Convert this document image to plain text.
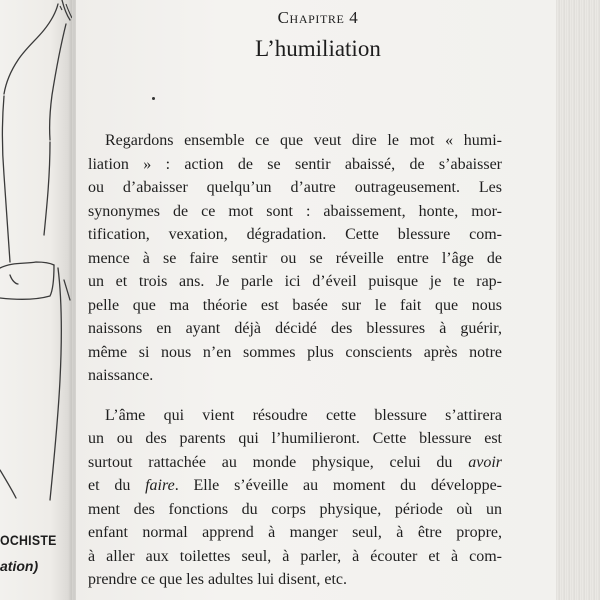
OCHISTE
ation)
Chapitre 4
L’humiliation

Regardons ensemble ce que veut dire le mot « humi-

liation » : action de se sentir abaissé, de s’abaisser

ou d’abaisser quelqu’un d’autre outrageusement. Les

synonymes de ce mot sont : abaissement, honte, mor-

tification, vexation, dégradation. Cette blessure com-

mence à se faire sentir ou se réveille entre l’âge de

un et trois ans. Je parle ici d’éveil puisque je te rap-

pelle que ma théorie est basée sur le fait que nous

naissons en ayant déjà décidé des blessures à guérir,

même si nous n’en sommes plus conscients après notre

naissance.

L’âme qui vient résoudre cette blessure s’attirera

un ou des parents qui l’humilieront. Cette blessure est

surtout rattachée au monde physique, celui du avoir

et du faire. Elle s’éveille au moment du développe-

ment des fonctions du corps physique, période où un

enfant normal apprend à manger seul, à être propre,

à aller aux toilettes seul, à parler, à écouter et à com-

prendre ce que les adultes lui disent, etc.
